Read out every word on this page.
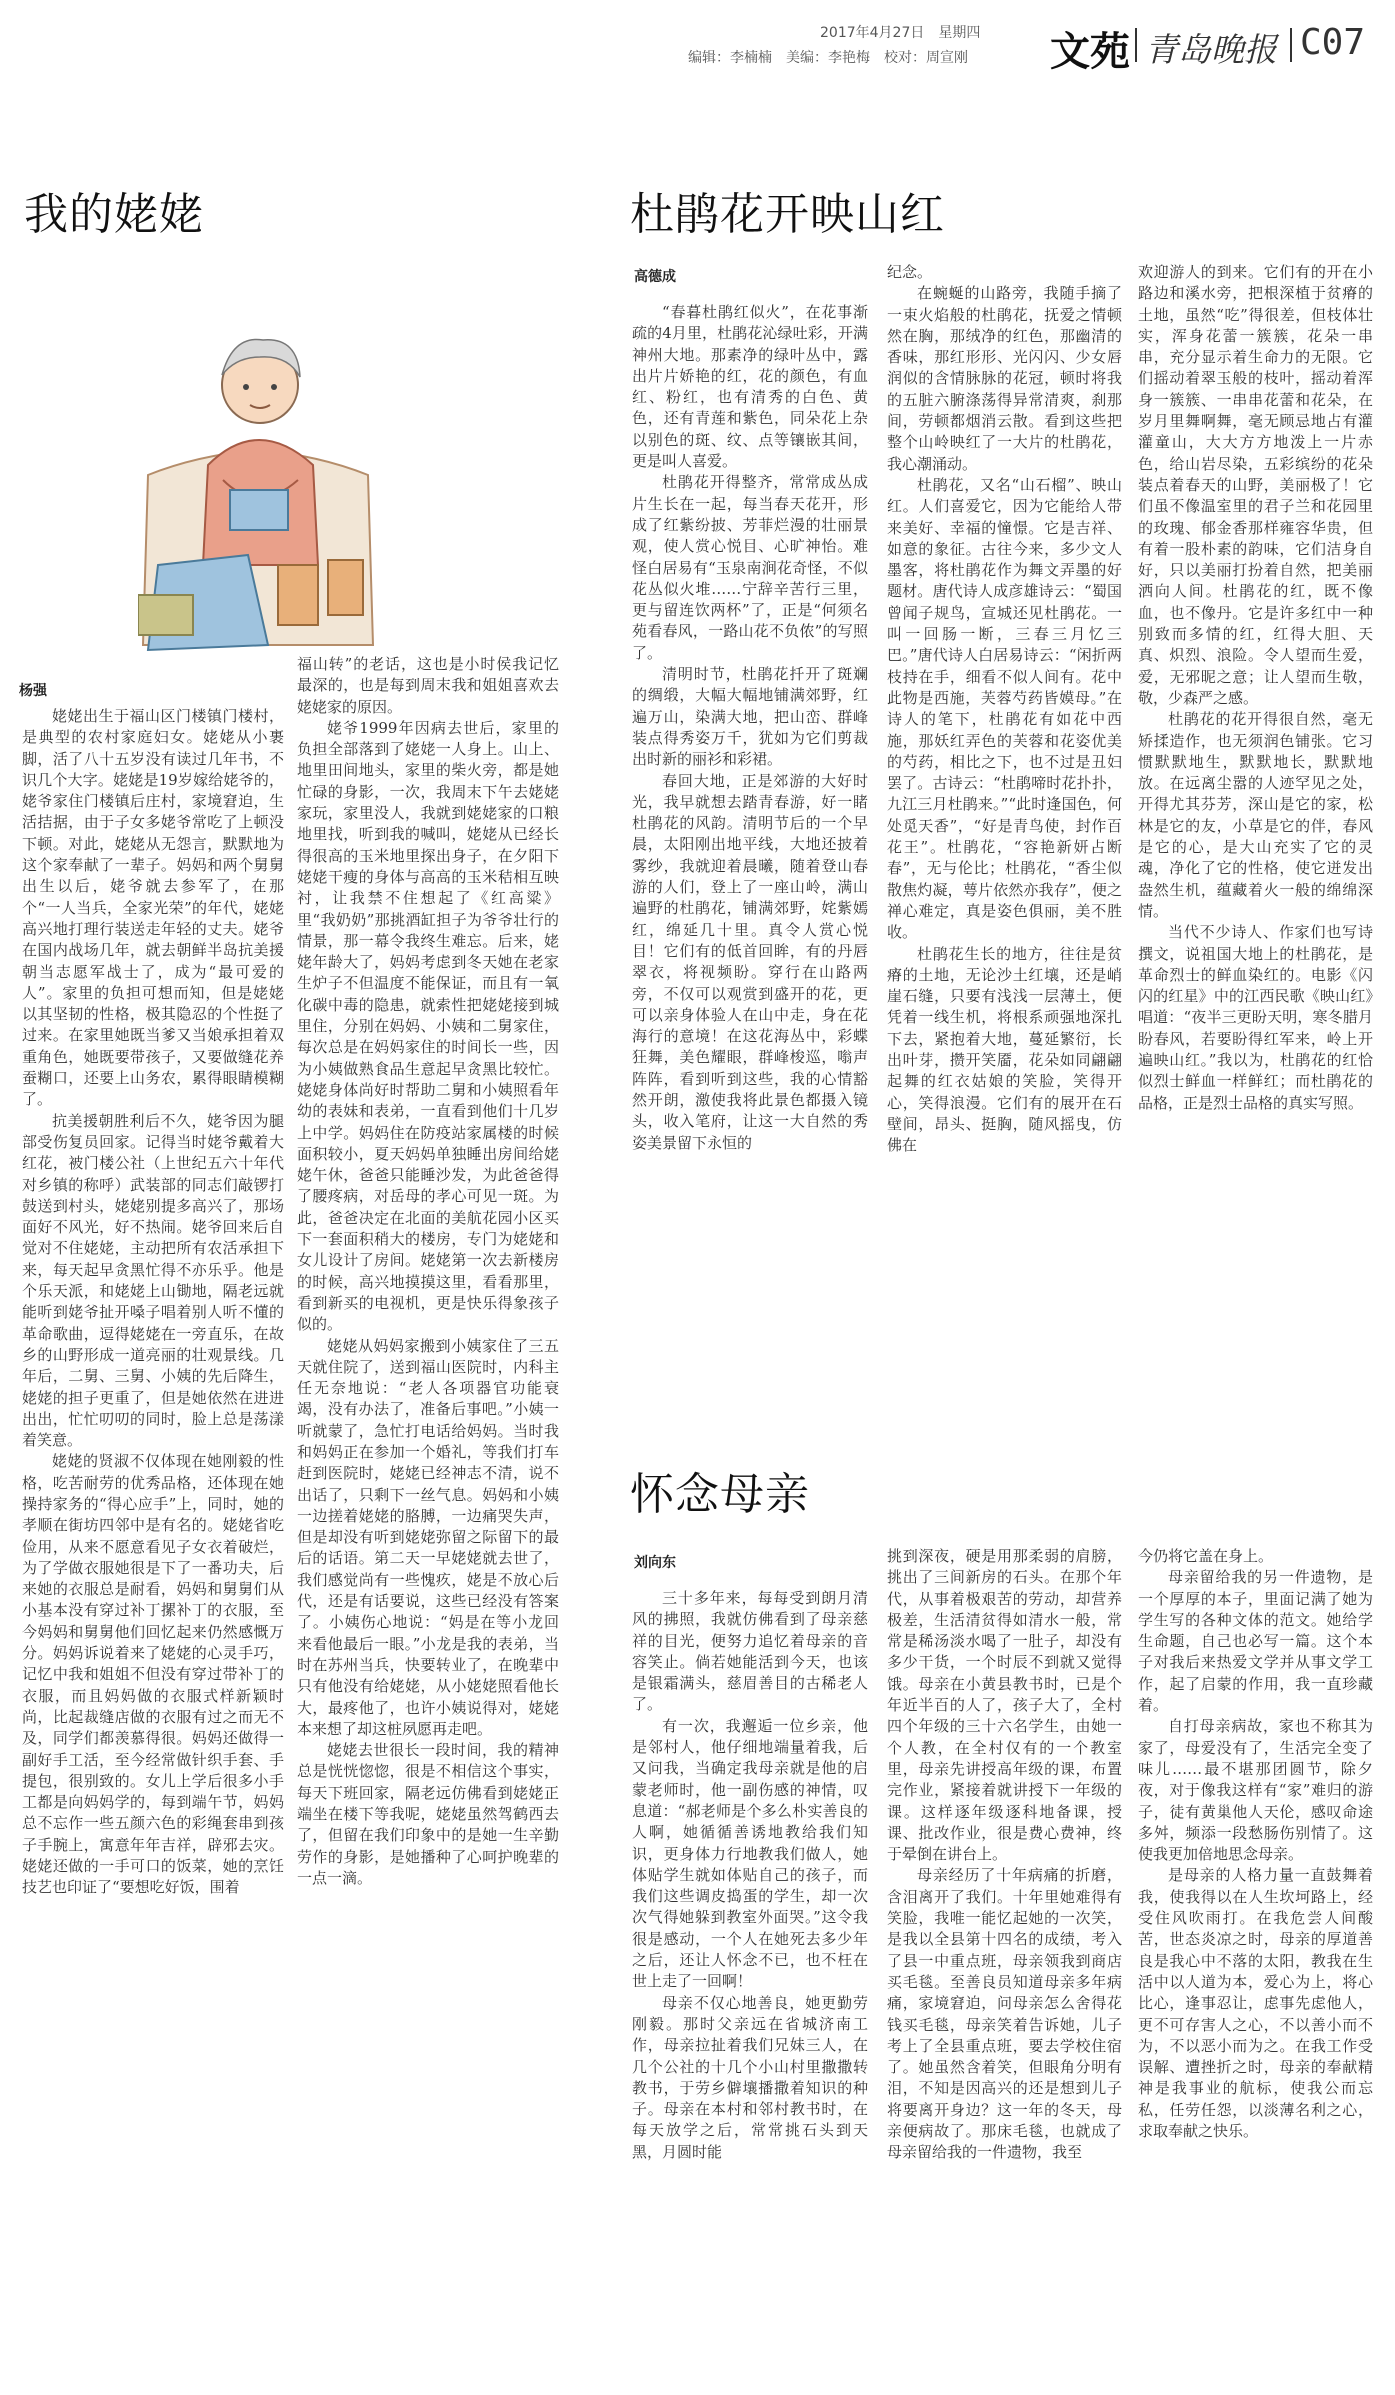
2017年4月27日　星期四
编辑：李楠楠　美编：李艳梅　校对：周宣刚 文苑 青岛晚报 C07
我的姥姥
杨强

姥姥出生于福山区门楼镇门楼村，是典型的农村家庭妇女。姥姥从小裹脚，活了八十五岁没有读过几年书，不识几个大字。姥姥是19岁嫁给姥爷的，姥爷家住门楼镇后庄村，家境窘迫，生活拮据，由于子女多姥爷常吃了上顿没下顿。对此，姥姥从无怨言，默默地为这个家奉献了一辈子。妈妈和两个舅舅出生以后，姥爷就去参军了，在那个“一人当兵，全家光荣”的年代，姥姥高兴地打理行装送走年轻的丈夫。姥爷在国内战场几年，就去朝鲜半岛抗美援朝当志愿军战士了，成为“最可爱的人”。家里的负担可想而知，但是姥姥以其坚韧的性格，极其隐忍的个性挺了过来。在家里她既当爹又当娘承担着双重角色，她既要带孩子，又要做缝花养蚕糊口，还要上山务农，累得眼睛模糊了。

抗美援朝胜利后不久，姥爷因为腿部受伤复员回家。记得当时姥爷戴着大红花，被门楼公社（上世纪五六十年代对乡镇的称呼）武装部的同志们敲锣打鼓送到村头，姥姥别提多高兴了，那场面好不风光，好不热闹。姥爷回来后自觉对不住姥姥，主动把所有农活承担下来，每天起早贪黑忙得不亦乐乎。他是个乐天派，和姥姥上山锄地，隔老远就能听到姥爷扯开嗓子唱着别人听不懂的革命歌曲，逗得姥姥在一旁直乐，在故乡的山野形成一道亮丽的壮观景线。几年后，二舅、三舅、小姨的先后降生，姥姥的担子更重了，但是她依然在进进出出，忙忙叨叨的同时，脸上总是荡漾着笑意。

姥姥的贤淑不仅体现在她刚毅的性格，吃苦耐劳的优秀品格，还体现在她操持家务的“得心应手”上，同时，她的孝顺在街坊四邻中是有名的。姥姥省吃俭用，从来不愿意看见子女衣着破烂，为了学做衣服她很是下了一番功夫，后来她的衣服总是耐看，妈妈和舅舅们从小基本没有穿过补丁摞补丁的衣服，至今妈妈和舅舅他们回忆起来仍然感慨万分。妈妈诉说着来了姥姥的心灵手巧，记忆中我和姐姐不但没有穿过带补丁的衣服，而且妈妈做的衣服式样新颖时尚，比起裁缝店做的衣服有过之而无不及，同学们都羡慕得很。妈妈还做得一副好手工活，至今经常做针织手套、手提包，很别致的。女儿上学后很多小手工都是向妈妈学的，每到端午节，妈妈总不忘作一些五颜六色的彩绳套串到孩子手腕上，寓意年年吉祥，辟邪去灾。姥姥还做的一手可口的饭菜，她的烹饪技艺也印证了“要想吃好饭，围着

福山转”的老话，这也是小时侯我记忆最深的，也是每到周末我和姐姐喜欢去姥姥家的原因。

姥爷1999年因病去世后，家里的负担全部落到了姥姥一人身上。山上、地里田间地头，家里的柴火旁，都是她忙碌的身影，一次，我周末下午去姥姥家玩，家里没人，我就到姥姥家的口粮地里找，听到我的喊叫，姥姥从已经长得很高的玉米地里探出身子，在夕阳下姥姥干瘦的身体与高高的玉米秸相互映衬，让我禁不住想起了《红高粱》里“我奶奶”那挑酒缸担子为爷爷壮行的情景，那一幕令我终生难忘。后来，姥姥年龄大了，妈妈考虑到冬天她在老家生炉子不但温度不能保证，而且有一氧化碳中毒的隐患，就索性把姥姥接到城里住，分别在妈妈、小姨和二舅家住，每次总是在妈妈家住的时间长一些，因为小姨做熟食品生意起早贪黑比较忙。姥姥身体尚好时帮助二舅和小姨照看年幼的表妹和表弟，一直看到他们十几岁上中学。妈妈住在防疫站家属楼的时候面积较小，夏天妈妈单独睡出房间给姥姥午休，爸爸只能睡沙发，为此爸爸得了腰疼病，对岳母的孝心可见一斑。为此，爸爸决定在北面的美航花园小区买下一套面积稍大的楼房，专门为姥姥和女儿设计了房间。姥姥第一次去新楼房的时候，高兴地摸摸这里，看看那里，看到新买的电视机，更是快乐得象孩子似的。

姥姥从妈妈家搬到小姨家住了三五天就住院了，送到福山医院时，内科主任无奈地说：“老人各项器官功能衰竭，没有办法了，准备后事吧。”小姨一听就蒙了，急忙打电话给妈妈。当时我和妈妈正在参加一个婚礼，等我们打车赶到医院时，姥姥已经神志不清，说不出话了，只剩下一丝气息。妈妈和小姨一边搓着姥姥的胳膊，一边痛哭失声，但是却没有听到姥姥弥留之际留下的最后的话语。第二天一早姥姥就去世了，我们感觉尚有一些愧疚，姥是不放心后代，还是有话要说，这些已经没有答案了。小姨伤心地说：“妈是在等小龙回来看他最后一眼。”小龙是我的表弟，当时在苏州当兵，快要转业了，在晚辈中只有他没有给姥姥，从小姥姥照看他长大，最疼他了，也许小姨说得对，姥姥本来想了却这桩夙愿再走吧。

姥姥去世很长一段时间，我的精神总是恍恍惚惚，很是不相信这个事实，每天下班回家，隔老远仿佛看到姥姥正端坐在楼下等我呢，姥姥虽然驾鹤西去了，但留在我们印象中的是她一生辛勤劳作的身影，是她播种了心呵护晚辈的一点一滴。

杜鹃花开映山红
高德成

“春暮杜鹃红似火”，在花事渐疏的4月里，杜鹃花沁绿吐彩，开满神州大地。那素净的绿叶丛中，露出片片娇艳的红，花的颜色，有血红、粉红，也有清秀的白色、黄色，还有青莲和紫色，同朵花上杂以别色的斑、纹、点等镶嵌其间，更是叫人喜爱。

杜鹃花开得整齐，常常成丛成片生长在一起，每当春天花开，形成了红紫纷披、芳菲烂漫的壮丽景观，使人赏心悦目、心旷神怡。难怪白居易有“玉泉南涧花奇怪，不似花丛似火堆……宁辞辛苦行三里，更与留连饮两杯”了，正是“何须名苑看春风，一路山花不负侬”的写照了。

清明时节，杜鹃花扦开了斑斓的绸缎，大幅大幅地铺满郊野，红遍万山，染满大地，把山峦、群峰装点得秀姿万千，犹如为它们剪裁出时新的丽衫和彩裙。

春回大地，正是郊游的大好时光，我早就想去踏青春游，好一睹杜鹃花的风韵。清明节后的一个早晨，太阳刚出地平线，大地还披着雾纱，我就迎着晨曦，随着登山春游的人们，登上了一座山岭，满山遍野的杜鹃花，铺满郊野，姹紫嫣红，绵延几十里。真令人赏心悦目！它们有的低首回眸，有的丹唇翠衣，将视频盼。穿行在山路两旁，不仅可以观赏到盛开的花，更可以亲身体验人在山中走，身在花海行的意境！在这花海丛中，彩蝶狂舞，美色耀眼，群峰梭巡，嗡声阵阵，看到听到这些，我的心情豁然开朗，激使我将此景色都摄入镜头，收入笔府，让这一大自然的秀姿美景留下永恒的

纪念。

在蜿蜒的山路旁，我随手摘了一束火焰般的杜鹃花，抚爱之情顿然在胸，那绒净的红色，那幽清的香味，那红形形、光闪闪、少女唇润似的含情脉脉的花冠，顿时将我的五脏六腑涤荡得异常清爽，刹那间，劳顿都烟消云散。看到这些把整个山岭映红了一大片的杜鹃花，我心潮涌动。

杜鹃花，又名“山石榴”、映山红。人们喜爱它，因为它能给人带来美好、幸福的憧憬。它是吉祥、如意的象征。古往今来，多少文人墨客，将杜鹃花作为舞文弄墨的好题材。唐代诗人成彦雄诗云：“蜀国曾闻子规鸟，宣城还见杜鹃花。一叫一回肠一断，三春三月忆三巴。”唐代诗人白居易诗云：“闲折两枝持在手，细看不似人间有。花中此物是西施，芙蓉芍药皆嫫母。”在诗人的笔下，杜鹃花有如花中西施，那妖红弄色的芙蓉和花姿优美的芍药，相比之下，也不过是丑妇罢了。古诗云：“杜鹃啼时花扑扑，九江三月杜鹃来。”“此时逢国色，何处觅天香”，“好是青鸟使，封作百花王”。杜鹃花，“容艳新妍占断春”，无与伦比；杜鹃花，“香尘似散焦灼凝，萼片依然亦我存”，便之禅心难定，真是姿色俱丽，美不胜收。

杜鹃花生长的地方，往往是贫瘠的土地，无论沙土红壤，还是峭崖石缝，只要有浅浅一层薄土，便凭着一线生机，将根系顽强地深扎下去，紧抱着大地，蔓延繁衍，长出叶芽，攒开笑靥，花朵如同翩翩起舞的红衣姑娘的笑脸，笑得开心，笑得浪漫。它们有的展开在石壁间，昂头、挺胸，随风摇曳，仿佛在

欢迎游人的到来。它们有的开在小路边和溪水旁，把根深植于贫瘠的土地，虽然“吃”得很差，但枝体壮实，浑身花蕾一簇簇，花朵一串串，充分显示着生命力的无限。它们摇动着翠玉般的枝叶，摇动着浑身一簇簇、一串串花蕾和花朵，在岁月里舞啊舞，毫无顾忌地占有灌灌童山，大大方方地泼上一片赤色，给山岩尽染，五彩缤纷的花朵装点着春天的山野，美丽极了！它们虽不像温室里的君子兰和花园里的玫瑰、郁金香那样雍容华贵，但有着一股朴素的韵味，它们洁身自好，只以美丽打扮着自然，把美丽洒向人间。杜鹃花的红，既不像血，也不像丹。它是许多红中一种别致而多情的红，红得大胆、天真、炽烈、浪险。令人望而生爱，爱，无邪昵之意；让人望而生敬，敬，少森严之感。

杜鹃花的花开得很自然，毫无矫揉造作，也无须润色铺张。它习惯默默地生，默默地长，默默地放。在远离尘嚣的人迹罕见之处，开得尤其芬芳，深山是它的家，松林是它的友，小草是它的伴，春风是它的心，是大山充实了它的灵魂，净化了它的性格，使它迸发出盎然生机，蕴藏着火一般的绵绵深情。

当代不少诗人、作家们也写诗撰文，说祖国大地上的杜鹃花，是革命烈士的鲜血染红的。电影《闪闪的红星》中的江西民歌《映山红》唱道：“夜半三更盼天明，寒冬腊月盼春风，若要盼得红军来，岭上开遍映山红。”我以为，杜鹃花的红恰似烈士鲜血一样鲜红；而杜鹃花的品格，正是烈士品格的真实写照。

怀念母亲
刘向东

三十多年来，每每受到朗月清风的拂照，我就仿佛看到了母亲慈祥的目光，便努力追忆着母亲的音容笑止。倘若她能活到今天，也该是银霜满头，慈眉善目的古稀老人了。

有一次，我邂逅一位乡亲，他是邻村人，他仔细地端量着我，后又问我，当确定我母亲就是他的启蒙老师时，他一副伤感的神情，叹息道：“郝老师是个多么朴实善良的人啊，她循循善诱地教给我们知识，更身体力行地教我们做人，她体贴学生就如体贴自己的孩子，而我们这些调皮捣蛋的学生，却一次次气得她躲到教室外面哭。”这令我很是感动，一个人在她死去多少年之后，还让人怀念不已，也不枉在世上走了一回啊！

母亲不仅心地善良，她更勤劳刚毅。那时父亲远在省城济南工作，母亲拉扯着我们兄妹三人，在几个公社的十几个小山村里撒撒转教书，于劳乡僻壤播撒着知识的种子。母亲在本村和邻村教书时，在每天放学之后，常常挑石头到天黑，月圆时能

挑到深夜，硬是用那柔弱的肩膀，挑出了三间新房的石头。在那个年代，从事着极艰苦的劳动，却营养极差，生活清贫得如清水一般，常常是稀汤淡水喝了一肚子，却没有多少干货，一个时辰不到就又觉得饿。母亲在小黄县教书时，已是个年近半百的人了，孩子大了，全村四个年级的三十六名学生，由她一个人教，在全村仅有的一个教室里，母亲先讲授高年级的课，布置完作业，紧接着就讲授下一年级的课。这样逐年级逐科地备课，授课、批改作业，很是费心费神，终于晕倒在讲台上。

母亲经历了十年病痛的折磨，含泪离开了我们。十年里她难得有笑脸，我唯一能忆起她的一次笑，是我以全县第十四名的成绩，考入了县一中重点班，母亲领我到商店买毛毯。至善良员知道母亲多年病痛，家境窘迫，问母亲怎么舍得花钱买毛毯，母亲笑着告诉她，儿子考上了全县重点班，要去学校住宿了。她虽然含着笑，但眼角分明有泪，不知是因高兴的还是想到儿子将要离开身边？这一年的冬天，母亲便病故了。那床毛毯，也就成了母亲留给我的一件遗物，我至

今仍将它盖在身上。

母亲留给我的另一件遗物，是一个厚厚的本子，里面记满了她为学生写的各种文体的范文。她给学生命题，自己也必写一篇。这个本子对我后来热爱文学并从事文学工作，起了启蒙的作用，我一直珍藏着。

自打母亲病故，家也不称其为家了，母爱没有了，生活完全变了味儿……最不堪那团圆节，除夕夜，对于像我这样有“家”难归的游子，徒有黄巢他人天伦，感叹命途多舛，频添一段愁肠伤别情了。这使我更加倍地思念母亲。

是母亲的人格力量一直鼓舞着我，使我得以在人生坎坷路上，经受住风吹雨打。在我危尝人间酸苦，世态炎凉之时，母亲的厚道善良是我心中不落的太阳，教我在生活中以人道为本，爱心为上，将心比心，逢事忍让，虑事先虑他人，更不可存害人之心，不以善小而不为，不以恶小而为之。在我工作受误解、遭挫折之时，母亲的奉献精神是我事业的航标，使我公而忘私，任劳任怨，以淡薄名利之心，求取奉献之快乐。
